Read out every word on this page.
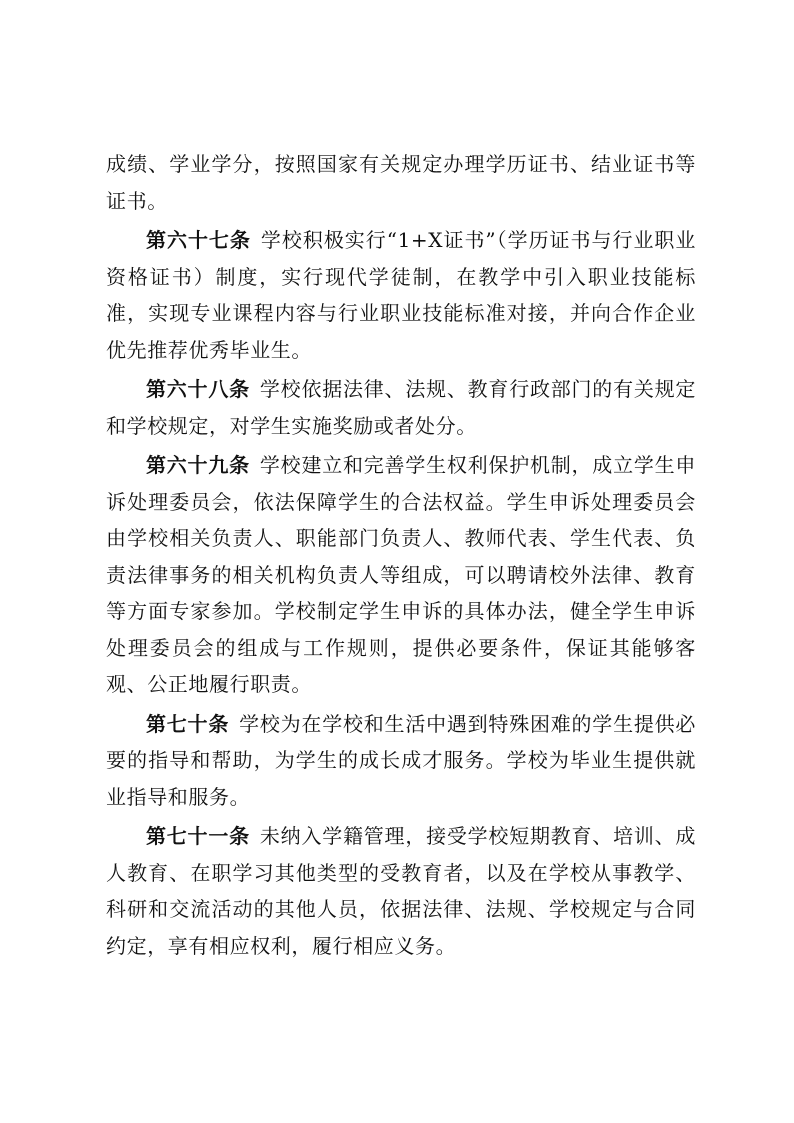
成绩、学业学分，按照国家有关规定办理学历证书、结业证书等证书。

第六十七条 学校积极实行“1+X证书”（学历证书与行业职业资格证书）制度，实行现代学徒制，在教学中引入职业技能标准，实现专业课程内容与行业职业技能标准对接，并向合作企业优先推荐优秀毕业生。

第六十八条 学校依据法律、法规、教育行政部门的有关规定和学校规定，对学生实施奖励或者处分。

第六十九条 学校建立和完善学生权利保护机制，成立学生申诉处理委员会，依法保障学生的合法权益。学生申诉处理委员会由学校相关负责人、职能部门负责人、教师代表、学生代表、负责法律事务的相关机构负责人等组成，可以聘请校外法律、教育等方面专家参加。学校制定学生申诉的具体办法，健全学生申诉处理委员会的组成与工作规则，提供必要条件，保证其能够客观、公正地履行职责。

第七十条 学校为在学校和生活中遇到特殊困难的学生提供必要的指导和帮助，为学生的成长成才服务。学校为毕业生提供就业指导和服务。

第七十一条 未纳入学籍管理，接受学校短期教育、培训、成人教育、在职学习其他类型的受教育者，以及在学校从事教学、科研和交流活动的其他人员，依据法律、法规、学校规定与合同约定，享有相应权利，履行相应义务。
